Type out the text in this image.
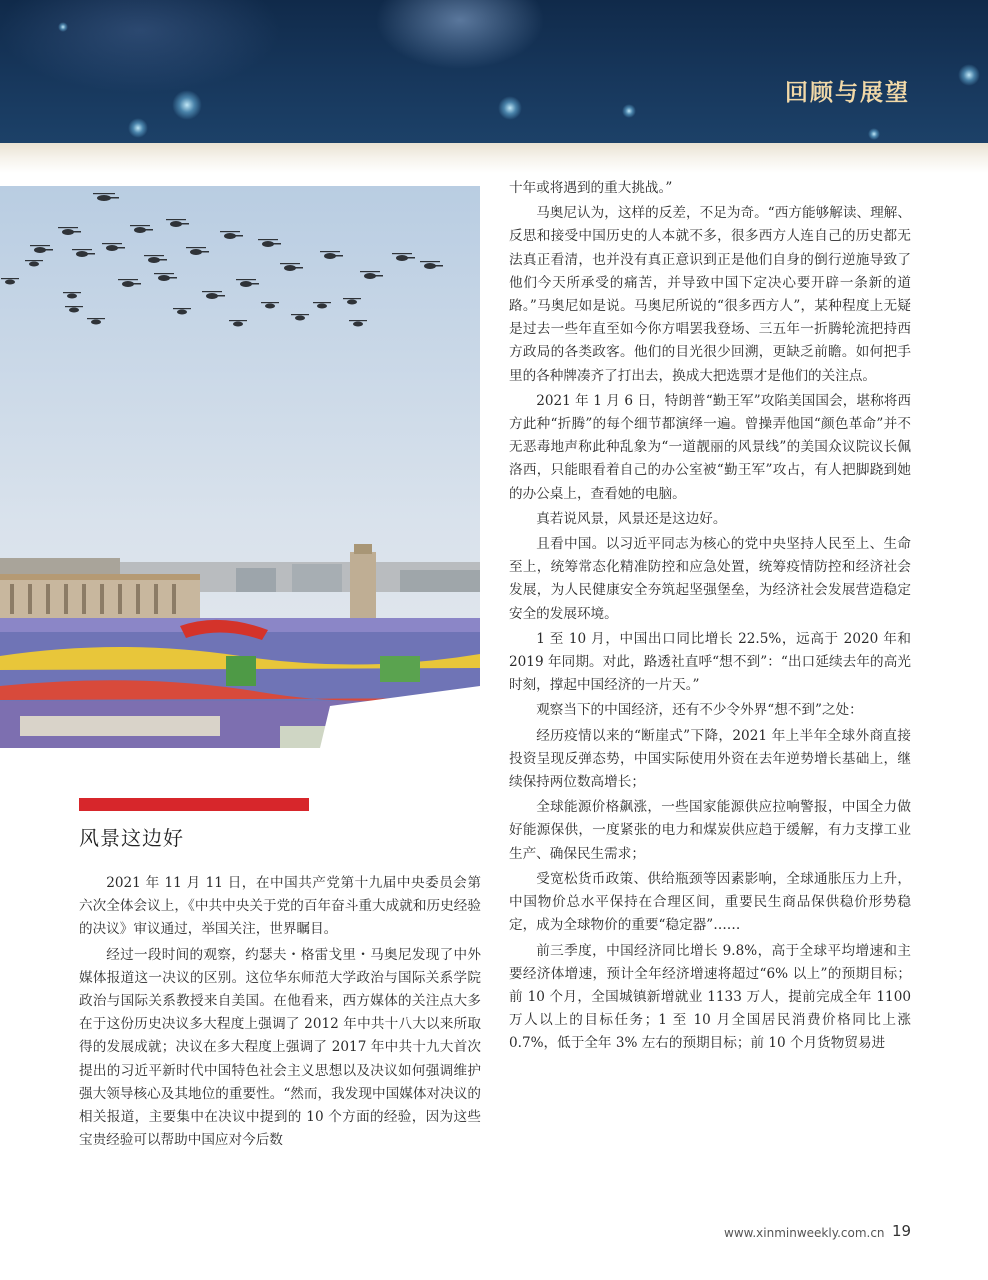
回顾与展望
风景这边好

2021 年 11 月 11 日，在中国共产党第十九届中央委员会第六次全体会议上，《中共中央关于党的百年奋斗重大成就和历史经验的决议》审议通过，举国关注，世界瞩目。

经过一段时间的观察，约瑟夫・格雷戈里・马奥尼发现了中外媒体报道这一决议的区别。这位华东师范大学政治与国际关系学院政治与国际关系教授来自美国。在他看来，西方媒体的关注点大多在于这份历史决议多大程度上强调了 2012 年中共十八大以来所取得的发展成就；决议在多大程度上强调了 2017 年中共十九大首次提出的习近平新时代中国特色社会主义思想以及决议如何强调维护强大领导核心及其地位的重要性。“然而，我发现中国媒体对决议的相关报道，主要集中在决议中提到的 10 个方面的经验，因为这些宝贵经验可以帮助中国应对今后数

十年或将遇到的重大挑战。”

马奥尼认为，这样的反差，不足为奇。“西方能够解读、理解、反思和接受中国历史的人本就不多，很多西方人连自己的历史都无法真正看清，也并没有真正意识到正是他们自身的倒行逆施导致了他们今天所承受的痛苦，并导致中国下定决心要开辟一条新的道路。”马奥尼如是说。马奥尼所说的“很多西方人”，某种程度上无疑是过去一些年直至如今你方唱罢我登场、三五年一折腾轮流把持西方政局的各类政客。他们的目光很少回溯，更缺乏前瞻。如何把手里的各种牌凑齐了打出去，换成大把选票才是他们的关注点。

2021 年 1 月 6 日，特朗普“勤王军”攻陷美国国会，堪称将西方此种“折腾”的每个细节都演绎一遍。曾操弄他国“颜色革命”并不无恶毒地声称此种乱象为“一道靓丽的风景线”的美国众议院议长佩洛西，只能眼看着自己的办公室被“勤王军”攻占，有人把脚跷到她的办公桌上，查看她的电脑。

真若说风景，风景还是这边好。

且看中国。以习近平同志为核心的党中央坚持人民至上、生命至上，统筹常态化精准防控和应急处置，统筹疫情防控和经济社会发展，为人民健康安全夯筑起坚强堡垒，为经济社会发展营造稳定安全的发展环境。

1 至 10 月，中国出口同比增长 22.5%，远高于 2020 年和 2019 年同期。对此，路透社直呼“想不到”：“出口延续去年的高光时刻，撑起中国经济的一片天。”

观察当下的中国经济，还有不少令外界“想不到”之处：

经历疫情以来的“断崖式”下降，2021 年上半年全球外商直接投资呈现反弹态势，中国实际使用外资在去年逆势增长基础上，继续保持两位数高增长；

全球能源价格飙涨，一些国家能源供应拉响警报，中国全力做好能源保供，一度紧张的电力和煤炭供应趋于缓解，有力支撑工业生产、确保民生需求；

受宽松货币政策、供给瓶颈等因素影响，全球通胀压力上升，中国物价总水平保持在合理区间，重要民生商品保供稳价形势稳定，成为全球物价的重要“稳定器”……

前三季度，中国经济同比增长 9.8%，高于全球平均增速和主要经济体增速，预计全年经济增速将超过“6% 以上”的预期目标；前 10 个月，全国城镇新增就业 1133 万人，提前完成全年 1100 万人以上的目标任务；1 至 10 月全国居民消费价格同比上涨 0.7%，低于全年 3% 左右的预期目标；前 10 个月货物贸易进

www.xinminweekly.com.cn 19
